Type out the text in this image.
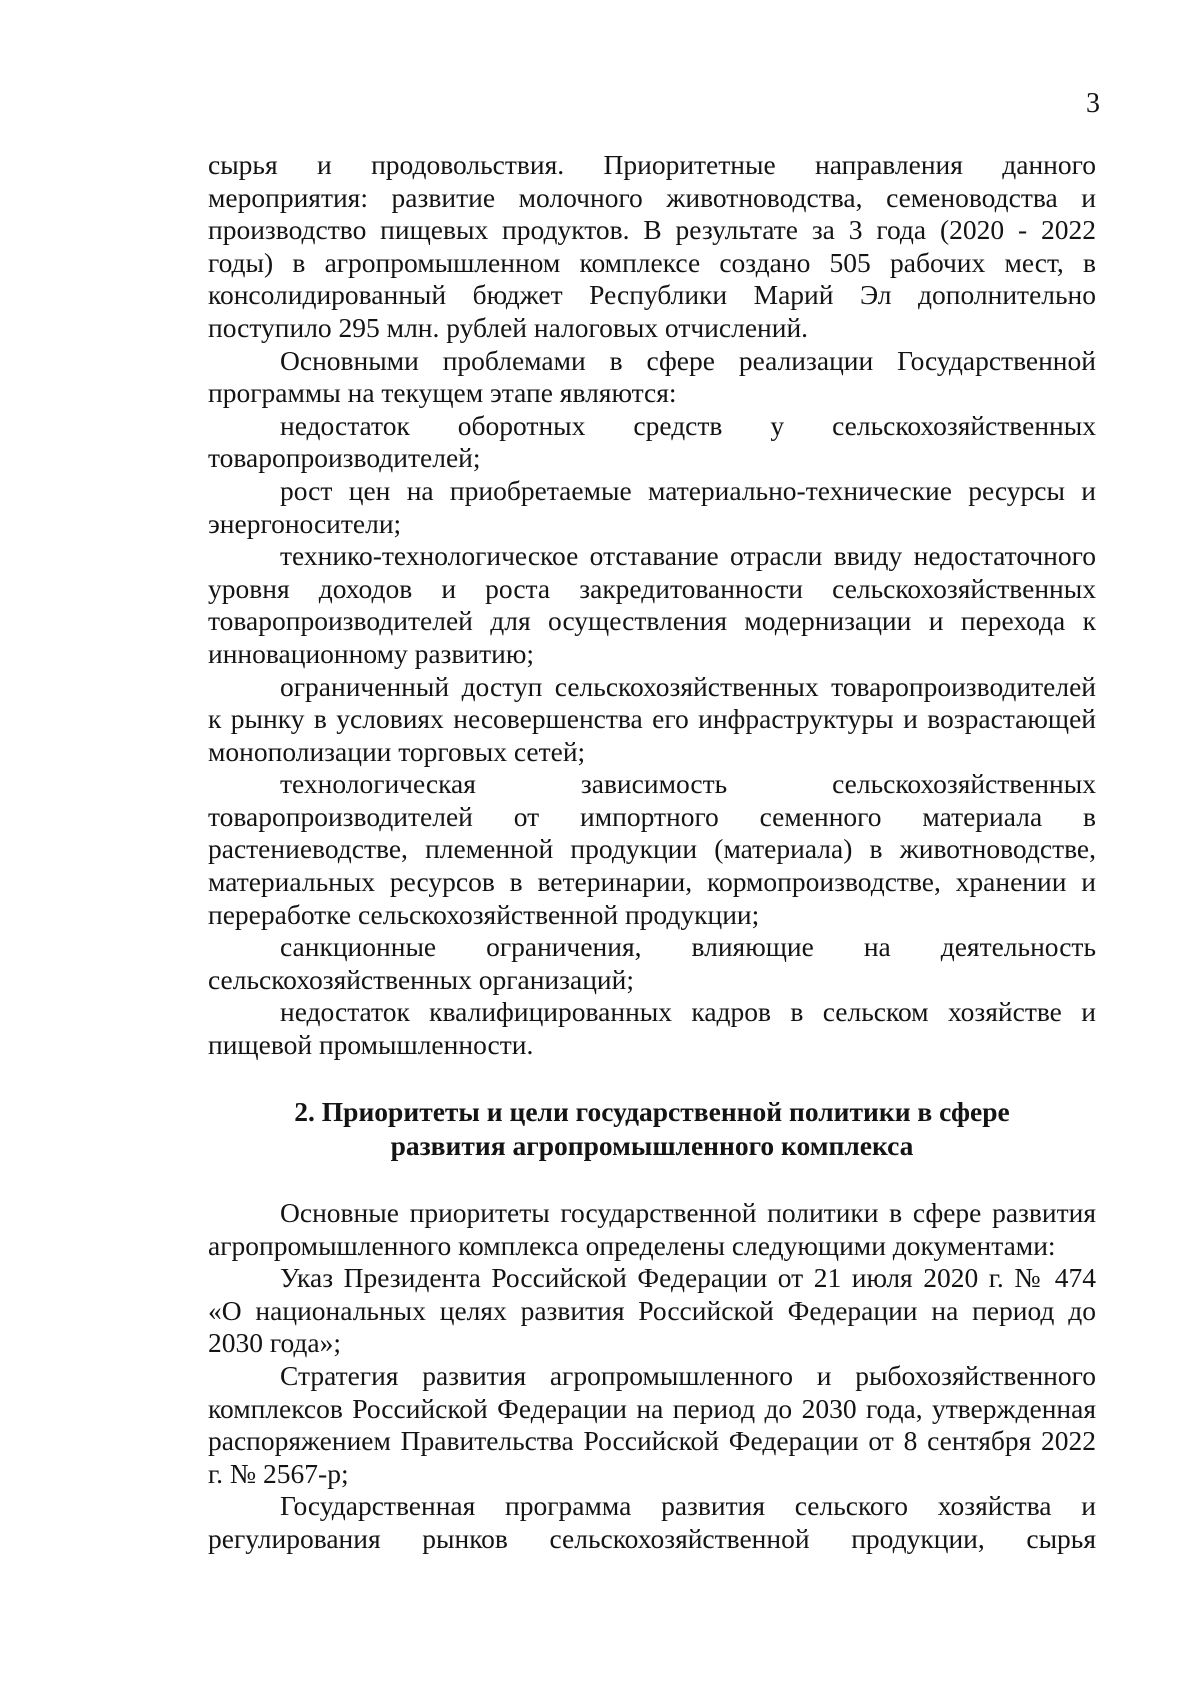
3

сырья и продовольствия. Приоритетные направления данного мероприятия: развитие молочного животноводства, семеноводства и производство пищевых продуктов. В результате за 3 года (2020 - 2022 годы) в агропромышленном комплексе создано 505 рабочих мест, в консолидированный бюджет Республики Марий Эл дополнительно поступило 295 млн. рублей налоговых отчислений.

Основными проблемами в сфере реализации Государственной программы на текущем этапе являются:

недостаток оборотных средств у сельскохозяйственных товаропроизводителей;

рост цен на приобретаемые материально-технические ресурсы и энергоносители;

технико-технологическое отставание отрасли ввиду недостаточного уровня доходов и роста закредитованности сельскохозяйственных товаропроизводителей для осуществления модернизации и перехода к инновационному развитию;

ограниченный доступ сельскохозяйственных товаропроизводителей к рынку в условиях несовершенства его инфраструктуры и возрастающей монополизации торговых сетей;

технологическая зависимость сельскохозяйственных товаропроизводителей от импортного семенного материала в растениеводстве, племенной продукции (материала) в животноводстве, материальных ресурсов в ветеринарии, кормопроизводстве, хранении и переработке сельскохозяйственной продукции;

санкционные ограничения, влияющие на деятельность сельскохозяйственных организаций;

недостаток квалифицированных кадров в сельском хозяйстве и пищевой промышленности.

2. Приоритеты и цели государственной политики в сфере
развития агропромышленного комплекса

Основные приоритеты государственной политики в сфере развития агропромышленного комплекса определены следующими документами:

Указ Президента Российской Федерации от 21 июля 2020 г. № 474 «О национальных целях развития Российской Федерации на период до 2030 года»;

Стратегия развития агропромышленного и рыбохозяйственного комплексов Российской Федерации на период до 2030 года, утвержденная распоряжением Правительства Российской Федерации от 8 сентября 2022 г. № 2567-р;

Государственная программа развития сельского хозяйства и регулирования рынков сельскохозяйственной продукции, сырья
